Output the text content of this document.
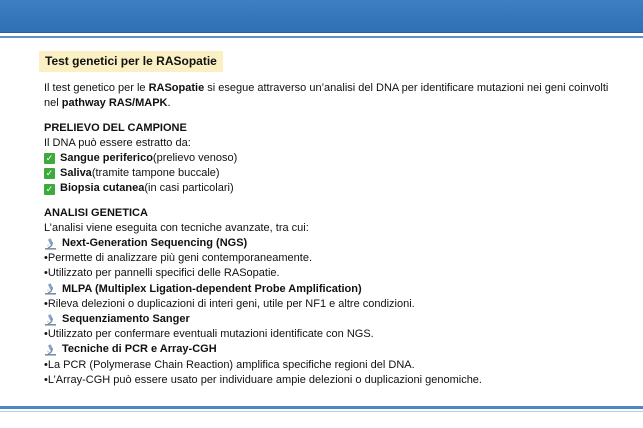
Test genetici per le RASopatie
Il test genetico per le RASopatie si esegue attraverso un’analisi del DNA per identificare mutazioni nei geni coinvolti nel pathway RAS/MAPK.
PRELIEVO DEL CAMPIONE
Il DNA può essere estratto da:
✓ Sangue periferico (prelievo venoso)
✓ Saliva (tramite tampone buccale)
✓ Biopsia cutanea (in casi particolari)
ANALISI GENETICA
L’analisi viene eseguita con tecniche avanzate, tra cui:
Next-Generation Sequencing (NGS)
•Permette di analizzare più geni contemporaneamente.
•Utilizzato per pannelli specifici delle RASopatie.
MLPA (Multiplex Ligation-dependent Probe Amplification)
•Rileva delezioni o duplicazioni di interi geni, utile per NF1 e altre condizioni.
Sequenziamento Sanger
•Utilizzato per confermare eventuali mutazioni identificate con NGS.
Tecniche di PCR e Array-CGH
•La PCR (Polymerase Chain Reaction) amplifica specifiche regioni del DNA.
•L’Array-CGH può essere usato per individuare ampie delezioni o duplicazioni genomiche.
